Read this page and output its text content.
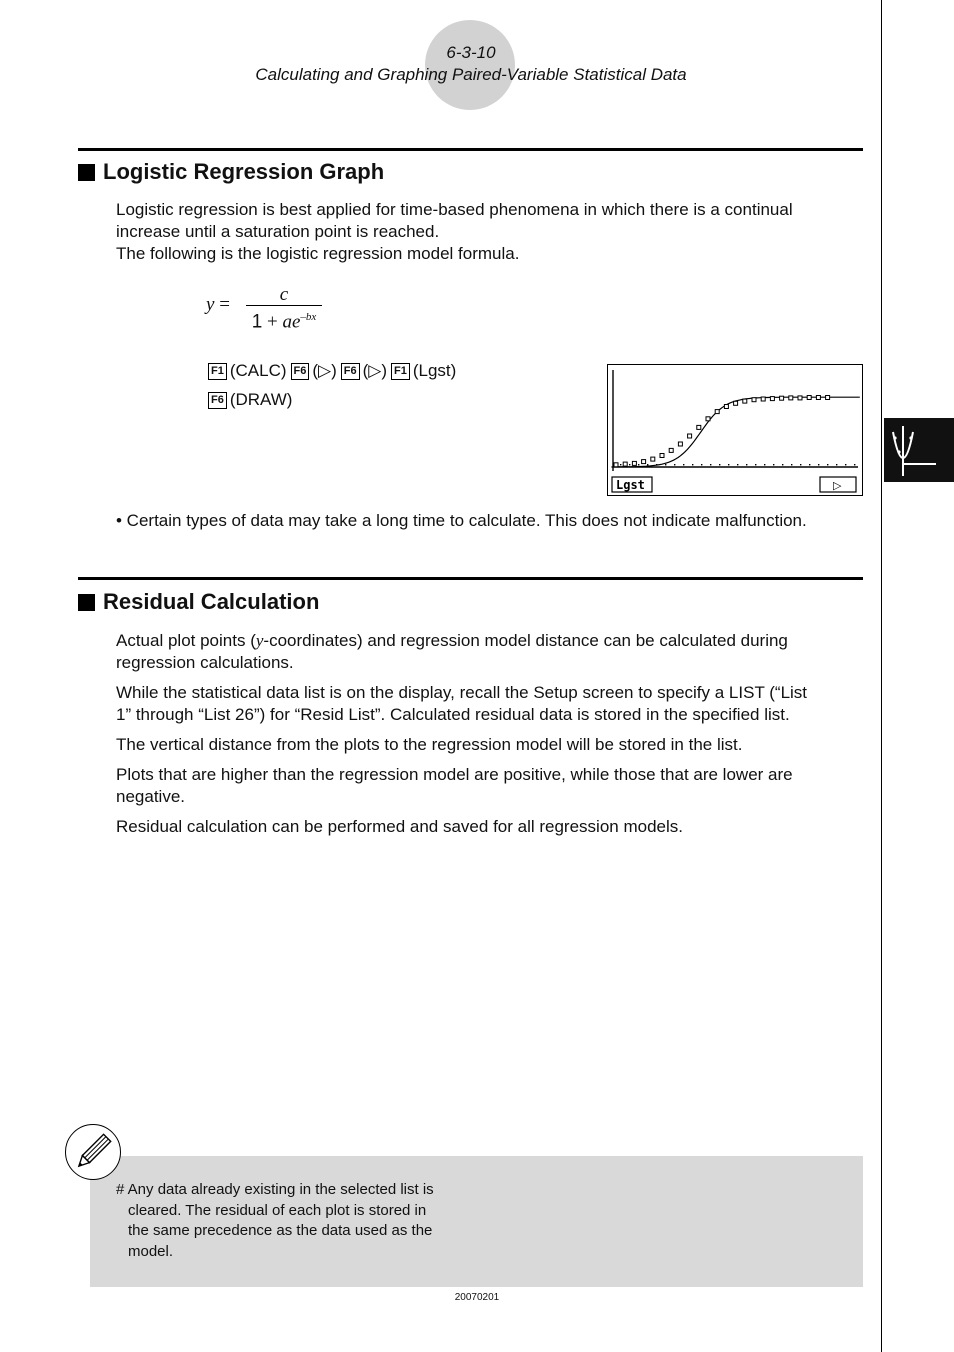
6-3-10
Calculating and Graphing Paired-Variable Statistical Data
Logistic Regression Graph
Logistic regression is best applied for time-based phenomena in which there is a continual
increase until a saturation point is reached.
The following is the logistic regression model formula.
y =	c
$1 + ae^{-bx}$
F1 (CALC) F6 (▷) F6 (▷) F1 (Lgst)
F6 (DRAW)
Lgst	▷
• Certain types of data may take a long time to calculate. This does not indicate malfunction.
Residual Calculation
Actual plot points (y-coordinates) and regression model distance can be calculated during
regression calculations.
While the statistical data list is on the display, recall the Setup screen to specify a LIST (“List
1” through “List 26”) for “Resid List”. Calculated residual data is stored in the specified list.
The vertical distance from the plots to the regression model will be stored in the list.
Plots that are higher than the regression model are positive, while those that are lower are
negative.
Residual calculation can be performed and saved for all regression models.
# Any data already existing in the selected list is
cleared. The residual of each plot is stored in
the same precedence as the data used as the
model.
20070201
